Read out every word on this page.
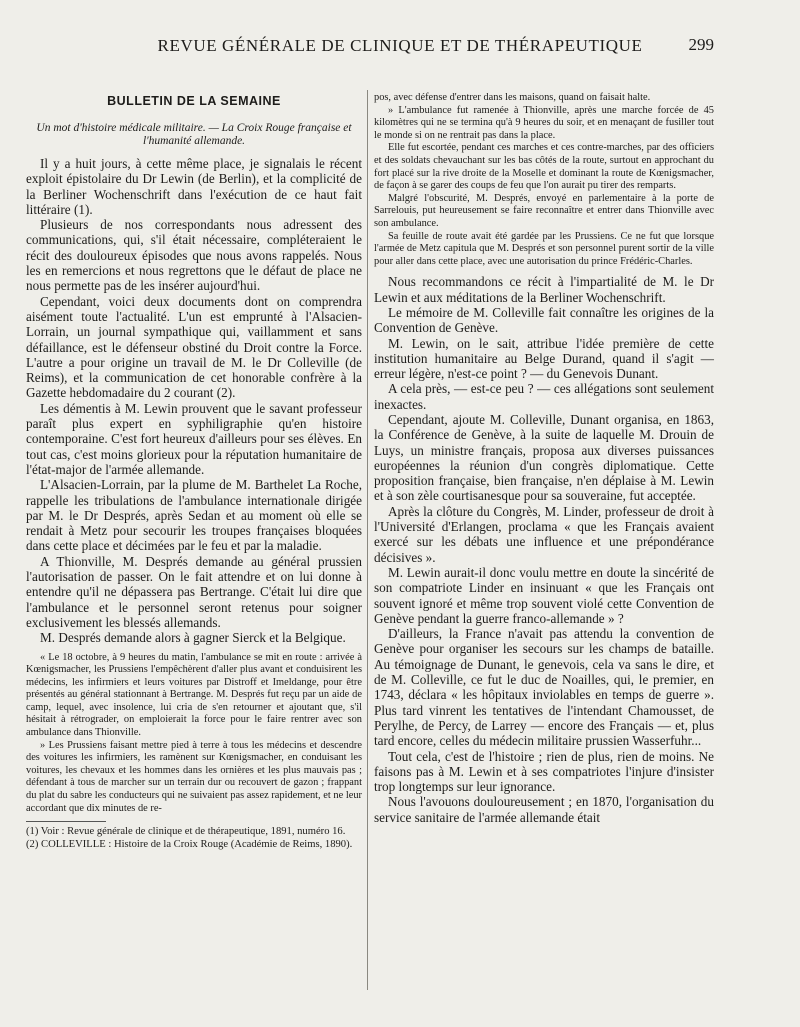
REVUE GÉNÉRALE DE CLINIQUE ET DE THÉRAPEUTIQUE	299
BULLETIN DE LA SEMAINE
Un mot d'histoire médicale militaire. — La Croix Rouge française et l'humanité allemande.

Il y a huit jours, à cette même place, je signalais le récent exploit épistolaire du Dr Lewin (de Berlin), et la complicité de la Berliner Wochenschrift dans l'exécution de ce haut fait littéraire (1).

Plusieurs de nos correspondants nous adressent des communications, qui, s'il était nécessaire, compléteraient le récit des douloureux épisodes que nous avons rappelés. Nous les en remercions et nous regrettons que le défaut de place ne nous permette pas de les insérer aujourd'hui.

Cependant, voici deux documents dont on comprendra aisément toute l'actualité. L'un est emprunté à l'Alsacien-Lorrain, un journal sympathique qui, vaillamment et sans défaillance, est le défenseur obstiné du Droit contre la Force. L'autre a pour origine un travail de M. le Dr Colleville (de Reims), et la communication de cet honorable confrère à la Gazette hebdomadaire du 2 courant (2).

Les démentis à M. Lewin prouvent que le savant professeur paraît plus expert en syphiligraphie qu'en histoire contemporaine. C'est fort heureux d'ailleurs pour ses élèves. En tout cas, c'est moins glorieux pour la réputation humanitaire de l'état-major de l'armée allemande.

L'Alsacien-Lorrain, par la plume de M. Barthelet La Roche, rappelle les tribulations de l'ambulance internationale dirigée par M. le Dr Després, après Sedan et au moment où elle se rendait à Metz pour secourir les troupes françaises bloquées dans cette place et décimées par le feu et par la maladie.

A Thionville, M. Després demande au général prussien l'autorisation de passer. On le fait attendre et on lui donne à entendre qu'il ne dépassera pas Bertrange. C'était lui dire que l'ambulance et le personnel seront retenus pour soigner exclusivement les blessés allemands.

M. Després demande alors à gagner Sierck et la Belgique.

« Le 18 octobre, à 9 heures du matin, l'ambulance se mit en route : arrivée à Kœnigsmacher, les Prussiens l'empêchèrent d'aller plus avant et conduisirent les médecins, les infirmiers et leurs voitures par Distroff et Imeldange, pour être présentés au général stationnant à Bertrange. M. Després fut reçu par un aide de camp, lequel, avec insolence, lui cria de s'en retourner et ajoutant que, s'il hésitait à rétrograder, on emploierait la force pour le faire rentrer avec son ambulance dans Thionville.

» Les Prussiens faisant mettre pied à terre à tous les médecins et descendre des voitures les infirmiers, les ramènent sur Kœnigsmacher, en conduisant les voitures, les chevaux et les hommes dans les ornières et les plus mauvais pas ; défendant à tous de marcher sur un terrain dur ou recouvert de gazon ; frappant du plat du sabre les conducteurs qui ne suivaient pas assez rapidement, et ne leur accordant que dix minutes de re-

(1) Voir : Revue générale de clinique et de thérapeutique, 1891, numéro 16.

(2) COLLEVILLE : Histoire de la Croix Rouge (Académie de Reims, 1890).

pos, avec défense d'entrer dans les maisons, quand on faisait halte.

» L'ambulance fut ramenée à Thionville, après une marche forcée de 45 kilomètres qui ne se termina qu'à 9 heures du soir, et en menaçant de fusiller tout le monde si on ne rentrait pas dans la place.

Elle fut escortée, pendant ces marches et ces contre-marches, par des officiers et des soldats chevauchant sur les bas côtés de la route, surtout en approchant du fort placé sur la rive droite de la Moselle et dominant la route de Kœnigsmacher, de façon à se garer des coups de feu que l'on aurait pu tirer des remparts.

Malgré l'obscurité, M. Després, envoyé en parlementaire à la porte de Sarrelouis, put heureusement se faire reconnaître et entrer dans Thionville avec son ambulance.

Sa feuille de route avait été gardée par les Prussiens. Ce ne fut que lorsque l'armée de Metz capitula que M. Després et son personnel purent sortir de la ville pour aller dans cette place, avec une autorisation du prince Frédéric-Charles.

Nous recommandons ce récit à l'impartialité de M. le Dr Lewin et aux méditations de la Berliner Wochenschrift.

Le mémoire de M. Colleville fait connaître les origines de la Convention de Genève.

M. Lewin, on le sait, attribue l'idée première de cette institution humanitaire au Belge Durand, quand il s'agit — erreur légère, n'est-ce point ? — du Genevois Dunant.

A cela près, — est-ce peu ? — ces allégations sont seulement inexactes.

Cependant, ajoute M. Colleville, Dunant organisa, en 1863, la Conférence de Genève, à la suite de laquelle M. Drouin de Luys, un ministre français, proposa aux diverses puissances européennes la réunion d'un congrès diplomatique. Cette proposition française, bien française, n'en déplaise à M. Lewin et à son zèle courtisanesque pour sa souveraine, fut acceptée.

Après la clôture du Congrès, M. Linder, professeur de droit à l'Université d'Erlangen, proclama « que les Français avaient exercé sur les débats une influence et une prépondérance décisives ».

M. Lewin aurait-il donc voulu mettre en doute la sincérité de son compatriote Linder en insinuant « que les Français ont souvent ignoré et même trop souvent violé cette Convention de Genève pendant la guerre franco-allemande » ?

D'ailleurs, la France n'avait pas attendu la convention de Genève pour organiser les secours sur les champs de bataille. Au témoignage de Dunant, le genevois, cela va sans le dire, et de M. Colleville, ce fut le duc de Noailles, qui, le premier, en 1743, déclara « les hôpitaux inviolables en temps de guerre ». Plus tard vinrent les tentatives de l'intendant Chamousset, de Perylhe, de Percy, de Larrey — encore des Français — et, plus tard encore, celles du médecin militaire prussien Wasserfuhr...

Tout cela, c'est de l'histoire ; rien de plus, rien de moins. Ne faisons pas à M. Lewin et à ses compatriotes l'injure d'insister trop longtemps sur leur ignorance.

Nous l'avouons douloureusement ; en 1870, l'organisation du service sanitaire de l'armée allemande était
